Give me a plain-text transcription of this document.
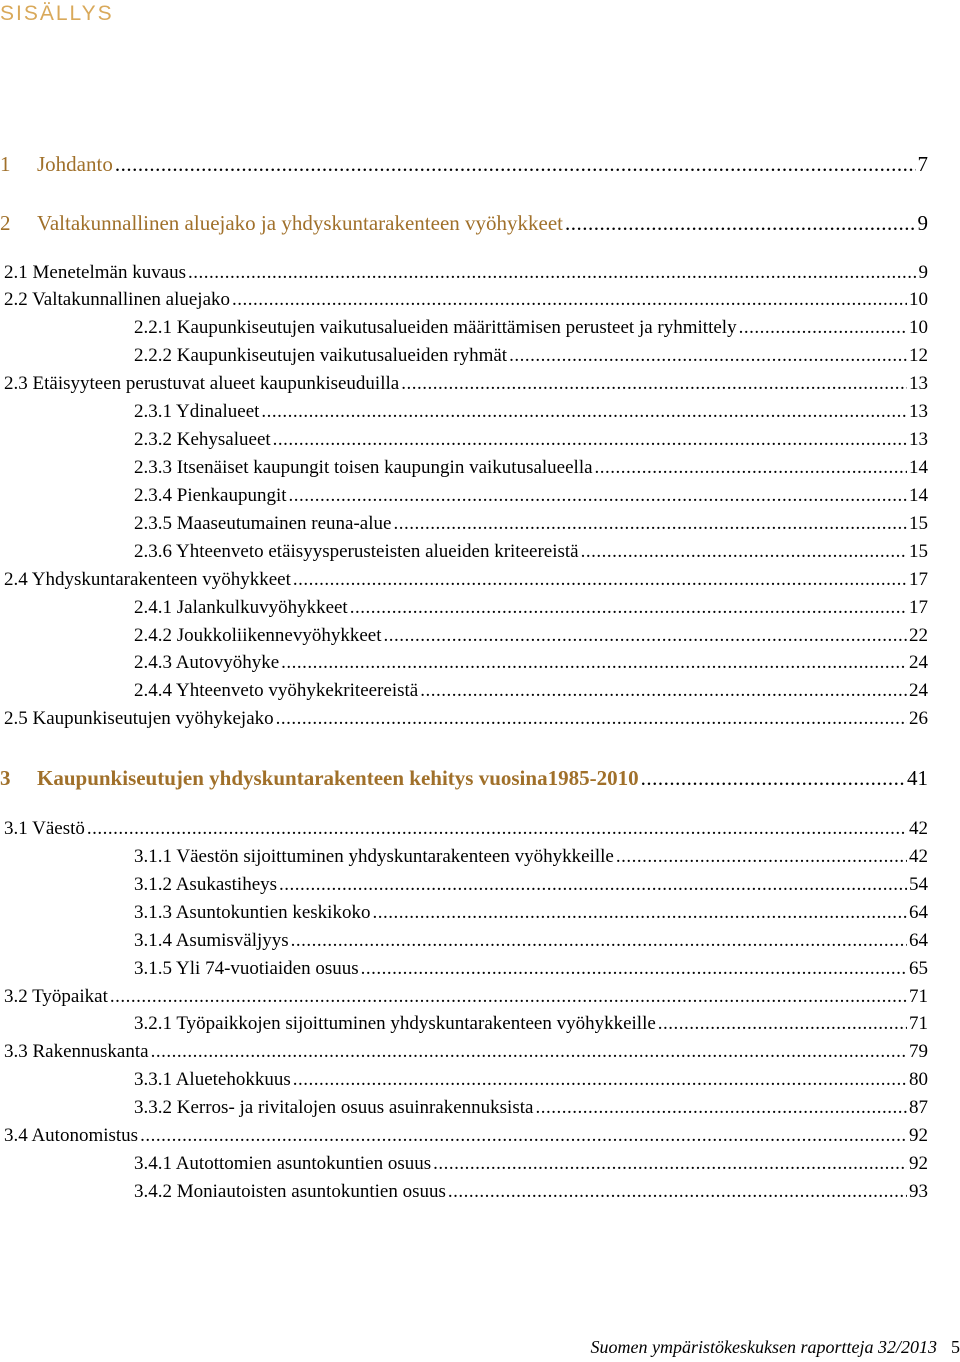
SISÄLLYS
1 Johdanto .....	7
2 Valtakunnallinen aluejako ja yhdyskuntarakenteen vyöhykkeet .....	9
2.1 Menetelmän kuvaus .....	9
2.2 Valtakunnallinen aluejako .....	10
2.2.1 Kaupunkiseutujen vaikutusalueiden määrittämisen perusteet ja ryhmittely .....	10
2.2.2 Kaupunkiseutujen vaikutusalueiden ryhmät .....	12
2.3 Etäisyyteen perustuvat alueet kaupunkiseuduilla .....	13
2.3.1 Ydinalueet .....	13
2.3.2 Kehysalueet .....	13
2.3.3 Itsenäiset kaupungit toisen kaupungin vaikutusalueella .....	14
2.3.4 Pienkaupungit .....	14
2.3.5 Maaseutumainen reuna-alue .....	15
2.3.6 Yhteenveto etäisyysperusteisten alueiden kriteereistä .....	15
2.4 Yhdyskuntarakenteen vyöhykkeet .....	17
2.4.1 Jalankulkuvyöhykkeet .....	17
2.4.2 Joukkoliikennevyöhykkeet .....	22
2.4.3 Autovyöhyke .....	24
2.4.4 Yhteenveto vyöhykekriteereistä .....	24
2.5 Kaupunkiseutujen vyöhykejako .....	26
3 Kaupunkiseutujen yhdyskuntarakenteen kehitys vuosina1985-2010 .....	41
3.1 Väestö .....	42
3.1.1 Väestön sijoittuminen yhdyskuntarakenteen vyöhykkeille .....	42
3.1.2 Asukastiheys .....	54
3.1.3 Asuntokuntien keskikoko .....	64
3.1.4 Asumisväljyys .....	64
3.1.5 Yli 74-vuotiaiden osuus .....	65
3.2 Työpaikat .....	71
3.2.1 Työpaikkojen sijoittuminen yhdyskuntarakenteen vyöhykkeille .....	71
3.3 Rakennuskanta .....	79
3.3.1 Aluetehokkuus .....	80
3.3.2 Kerros- ja rivitalojen osuus asuinrakennuksista .....	87
3.4 Autonomistus .....	92
3.4.1 Autottomien asuntokuntien osuus .....	92
3.4.2 Moniautoisten asuntokuntien osuus .....	93
Suomen ympäristökeskuksen raportteja 32/2013 5
